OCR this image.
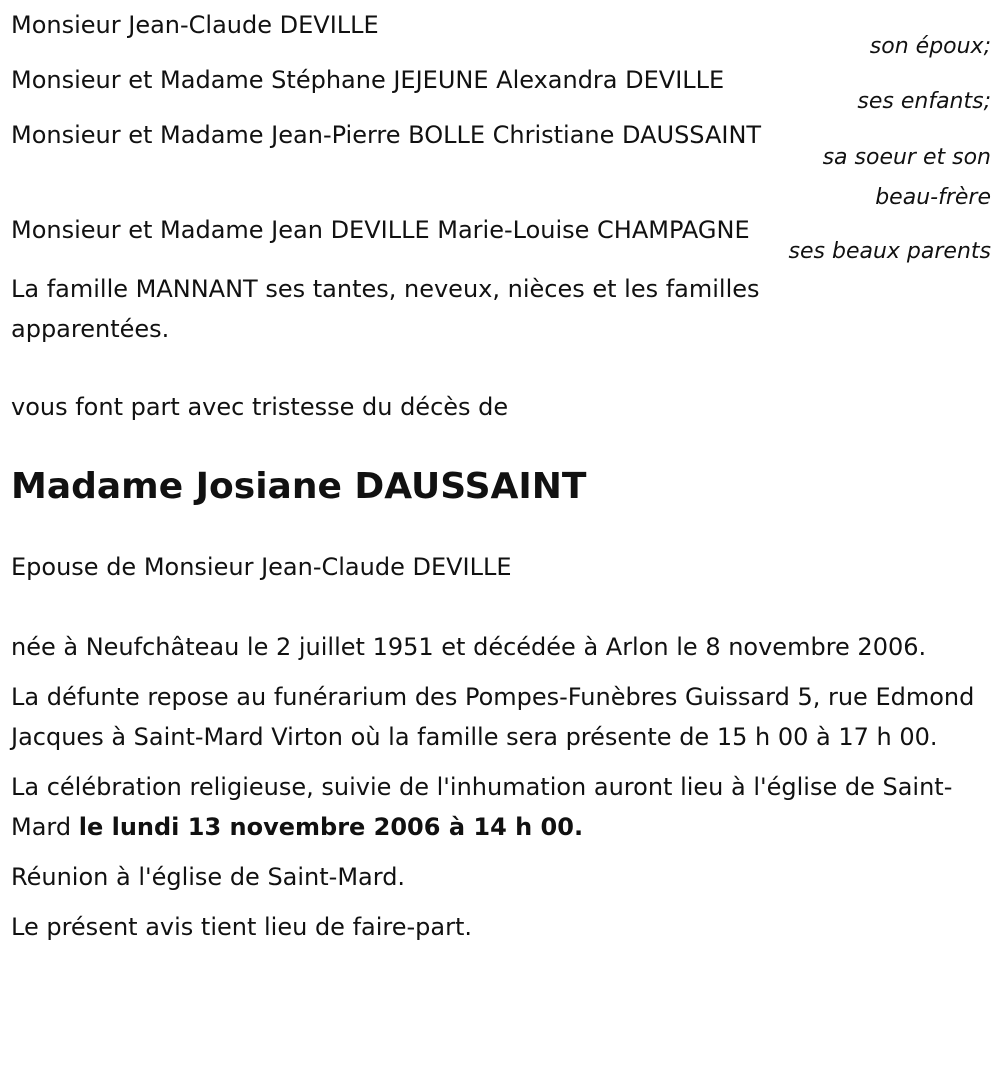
Monsieur Jean-Claude DEVILLE

son époux;

Monsieur et Madame Stéphane JEJEUNE Alexandra DEVILLE

ses enfants;

Monsieur et Madame Jean-Pierre BOLLE Christiane DAUSSAINT

sa soeur et son beau-frère

Monsieur et Madame Jean DEVILLE Marie-Louise CHAMPAGNE

ses beaux parents

La famille MANNANT ses tantes, neveux, nièces et les familles apparentées.

vous font part avec tristesse du décès de

Madame Josiane DAUSSAINT

Epouse de Monsieur Jean-Claude DEVILLE

née à Neufchâteau le 2 juillet 1951 et décédée à Arlon le 8 novembre 2006.

La défunte repose au funérarium des Pompes-Funèbres Guissard 5, rue Edmond Jacques à Saint-Mard Virton où la famille sera présente de 15 h 00 à 17 h 00.

La célébration religieuse, suivie de l'inhumation auront lieu à l'église de Saint-Mard le lundi 13 novembre 2006 à 14 h 00.

Réunion à l'église de Saint-Mard.

Le présent avis tient lieu de faire-part.
